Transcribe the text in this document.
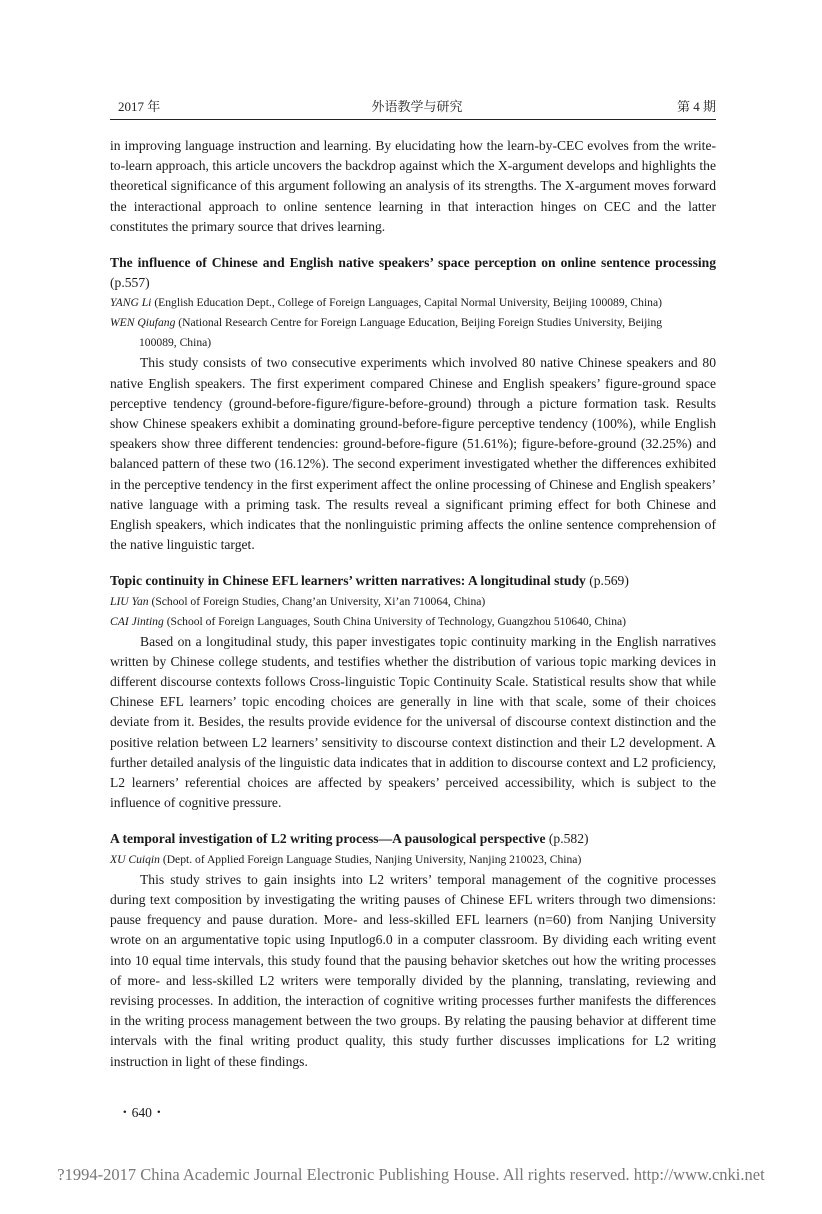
2017 年	外语教学与研究	第 4 期

in improving language instruction and learning. By elucidating how the learn-by-CEC evolves from the write-to-learn approach, this article uncovers the backdrop against which the X-argument develops and highlights the theoretical significance of this argument following an analysis of its strengths. The X-argument moves forward the interactional approach to online sentence learning in that interaction hinges on CEC and the latter constitutes the primary source that drives learning.

The influence of Chinese and English native speakers’ space perception on online sentence processing (p.557)
YANG Li (English Education Dept., College of Foreign Languages, Capital Normal University, Beijing 100089, China)
WEN Qiufang (National Research Centre for Foreign Language Education, Beijing Foreign Studies University, Beijing
100089, China)

This study consists of two consecutive experiments which involved 80 native Chinese speakers and 80 native English speakers. The first experiment compared Chinese and English speakers’ figure-ground space perceptive tendency (ground-before-figure/figure-before-ground) through a picture formation task. Results show Chinese speakers exhibit a dominating ground-before-figure perceptive tendency (100%), while English speakers show three different tendencies: ground-before-figure (51.61%); figure-before-ground (32.25%) and balanced pattern of these two (16.12%). The second experiment investigated whether the differences exhibited in the perceptive tendency in the first experiment affect the online processing of Chinese and English speakers’ native language with a priming task. The results reveal a significant priming effect for both Chinese and English speakers, which indicates that the nonlinguistic priming affects the online sentence comprehension of the native linguistic target.

Topic continuity in Chinese EFL learners’ written narratives: A longitudinal study (p.569)
LIU Yan (School of Foreign Studies, Chang’an University, Xi’an 710064, China)
CAI Jinting (School of Foreign Languages, South China University of Technology, Guangzhou 510640, China)

Based on a longitudinal study, this paper investigates topic continuity marking in the English narratives written by Chinese college students, and testifies whether the distribution of various topic marking devices in different discourse contexts follows Cross-linguistic Topic Continuity Scale. Statistical results show that while Chinese EFL learners’ topic encoding choices are generally in line with that scale, some of their choices deviate from it. Besides, the results provide evidence for the universal of discourse context distinction and the positive relation between L2 learners’ sensitivity to discourse context distinction and their L2 development. A further detailed analysis of the linguistic data indicates that in addition to discourse context and L2 proficiency, L2 learners’ referential choices are affected by speakers’ perceived accessibility, which is subject to the influence of cognitive pressure.

A temporal investigation of L2 writing process—A pausological perspective (p.582)
XU Cuiqin (Dept. of Applied Foreign Language Studies, Nanjing University, Nanjing 210023, China)

This study strives to gain insights into L2 writers’ temporal management of the cognitive processes during text composition by investigating the writing pauses of Chinese EFL writers through two dimensions: pause frequency and pause duration. More- and less-skilled EFL learners (n=60) from Nanjing University wrote on an argumentative topic using Inputlog6.0 in a computer classroom. By dividing each writing event into 10 equal time intervals, this study found that the pausing behavior sketches out how the writing processes of more- and less-skilled L2 writers were temporally divided by the planning, translating, reviewing and revising processes. In addition, the interaction of cognitive writing processes further manifests the differences in the writing process management between the two groups. By relating the pausing behavior at different time intervals with the final writing product quality, this study further discusses implications for L2 writing instruction in light of these findings.

・640・
?1994-2017 China Academic Journal Electronic Publishing House. All rights reserved. http://www.cnki.net
